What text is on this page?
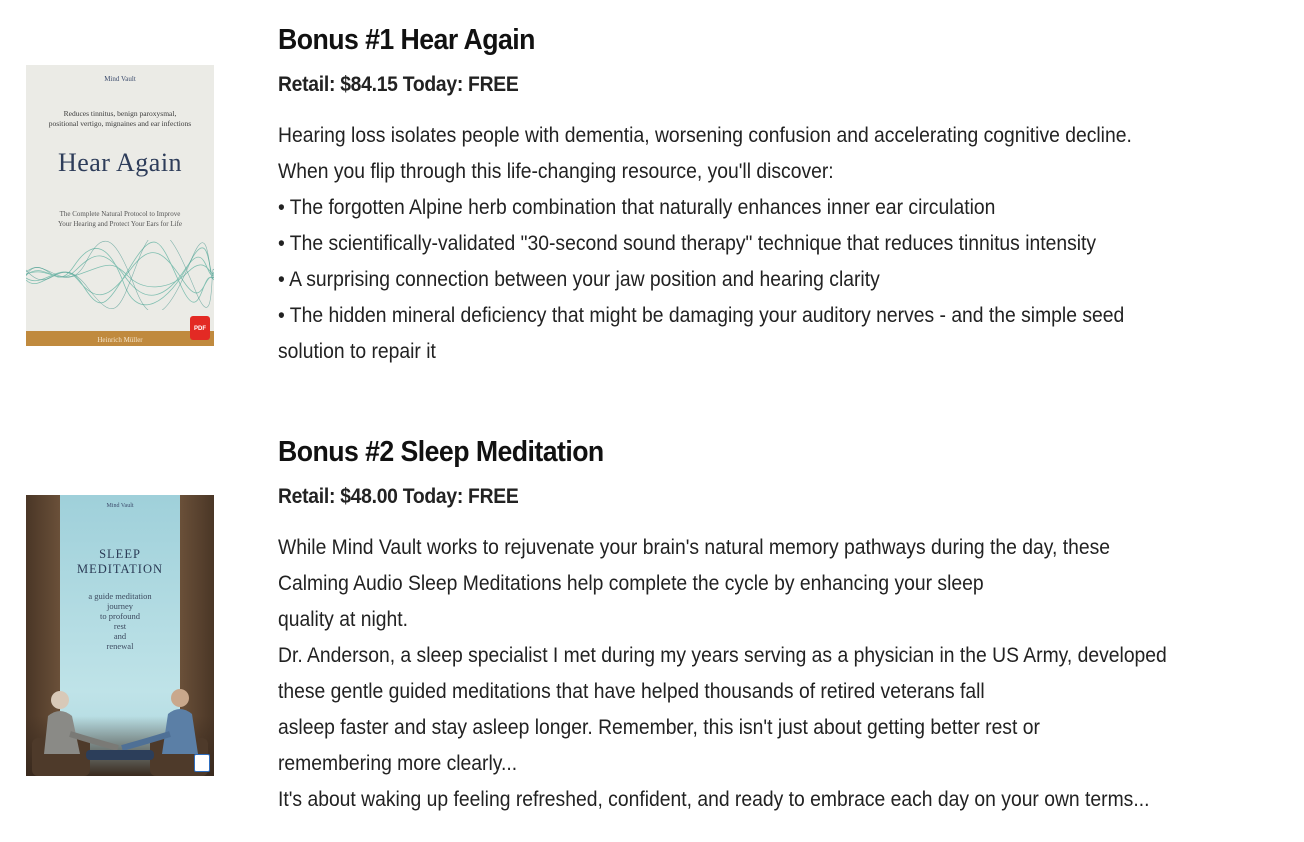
Mind Vault
Reduces tinnitus, benign paroxysmal,
positional vertigo, mignaines and ear infections
Hear Again
The Complete Natural Protocol to Improve
Your Hearing and Protect Your Ears for Life
Heinrich Müller
PDF
Bonus #1 Hear Again
Retail: $84.15 Today: FREE
Hearing loss isolates people with dementia, worsening confusion and accelerating cognitive decline.
When you flip through this life-changing resource, you'll discover:
• The forgotten Alpine herb combination that naturally enhances inner ear circulation
• The scientifically-validated "30-second sound therapy" technique that reduces tinnitus intensity
• A surprising connection between your jaw position and hearing clarity
• The hidden mineral deficiency that might be damaging your auditory nerves - and the simple seed
solution to repair it
Mind Vault
SLEEP
MEDITATION
a guide meditation
journey
to profound
rest
and
renewal
Bonus #2 Sleep Meditation
Retail: $48.00 Today: FREE
While Mind Vault works to rejuvenate your brain's natural memory pathways during the day, these
Calming Audio Sleep Meditations help complete the cycle by enhancing your sleep
quality at night.
Dr. Anderson, a sleep specialist I met during my years serving as a physician in the US Army, developed
these gentle guided meditations that have helped thousands of retired veterans fall
asleep faster and stay asleep longer. Remember, this isn't just about getting better rest or
remembering more clearly...
It's about waking up feeling refreshed, confident, and ready to embrace each day on your own terms...
